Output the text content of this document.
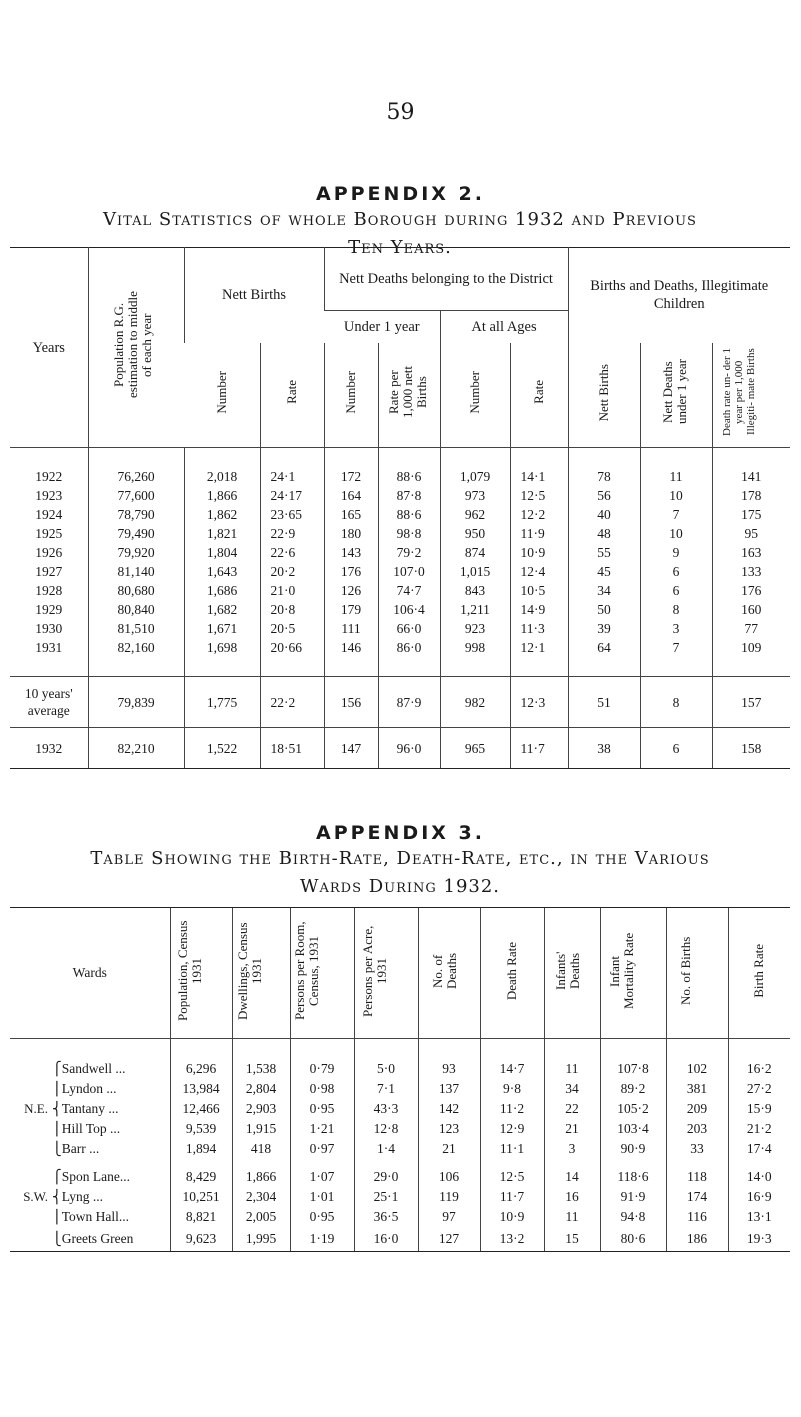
59
APPENDIX 2.
Vital Statistics of whole Borough during 1932 and Previous
Ten Years.
Years	Population R.G. estimation to middle of each year	Nett Births		Nett Deaths belonging to the District				Births and Deaths, Illegitimate Children		
				Under 1 year		At all Ages				
		Number	Rate	Number	Rate per 1,000 nett Births	Number	Rate	Nett Births	Nett Deaths under 1 year	Death rate un- der 1 year per 1,000 Illegiti- mate Births

1922	76,260	2,018	24·1	172	88·6	1,079	14·1	78	11	141
1923	77,600	1,866	24·17	164	87·8	973	12·5	56	10	178
1924	78,790	1,862	23·65	165	88·6	962	12·2	40	7	175
1925	79,490	1,821	22·9	180	98·8	950	11·9	48	10	95
1926	79,920	1,804	22·6	143	79·2	874	10·9	55	9	163
1927	81,140	1,643	20·2	176	107·0	1,015	12·4	45	6	133
1928	80,680	1,686	21·0	126	74·7	843	10·5	34	6	176
1929	80,840	1,682	20·8	179	106·4	1,211	14·9	50	8	160
1930	81,510	1,671	20·5	111	66·0	923	11·3	39	3	77
1931	82,160	1,698	20·66	146	86·0	998	12·1	64	7	109

10 years'
average	79,839	1,775	22·2	156	87·9	982	12·3	51	8	157
1932	82,210	1,522	18·51	147	96·0	965	11·7	38	6	158
APPENDIX 3.
Table Showing the Birth-Rate, Death-Rate, etc., in the Various
Wards During 1932.
Wards		Population, Census 1931	Dwellings, Census 1931	Persons per Room, Census, 1931	Persons per Acre, 1931	No. of Deaths	Death Rate	Infants' Deaths	Infant Mortality Rate	No. of Births	Birth Rate

	⎧Sandwell ...	6,296	1,538	0·79	5·0	93	14·7	11	107·8	102	16·2
	⎪Lyndon ...	13,984	2,804	0·98	7·1	137	9·8	34	89·2	381	27·2
N.E.	⎨Tantany ...	12,466	2,903	0·95	43·3	142	11·2	22	105·2	209	15·9
	⎪Hill Top ...	9,539	1,915	1·21	12·8	123	12·9	21	103·4	203	21·2
	⎩Barr ...	1,894	418	0·97	1·4	21	11·1	3	90·9	33	17·4

	⎧Spon Lane...	8,429	1,866	1·07	29·0	106	12·5	14	118·6	118	14·0
S.W.	⎨Lyng ...	10,251	2,304	1·01	25·1	119	11·7	16	91·9	174	16·9
	⎪Town Hall...	8,821	2,005	0·95	36·5	97	10·9	11	94·8	116	13·1
	⎩Greets Green	9,623	1,995	1·19	16·0	127	13·2	15	80·6	186	19·3
